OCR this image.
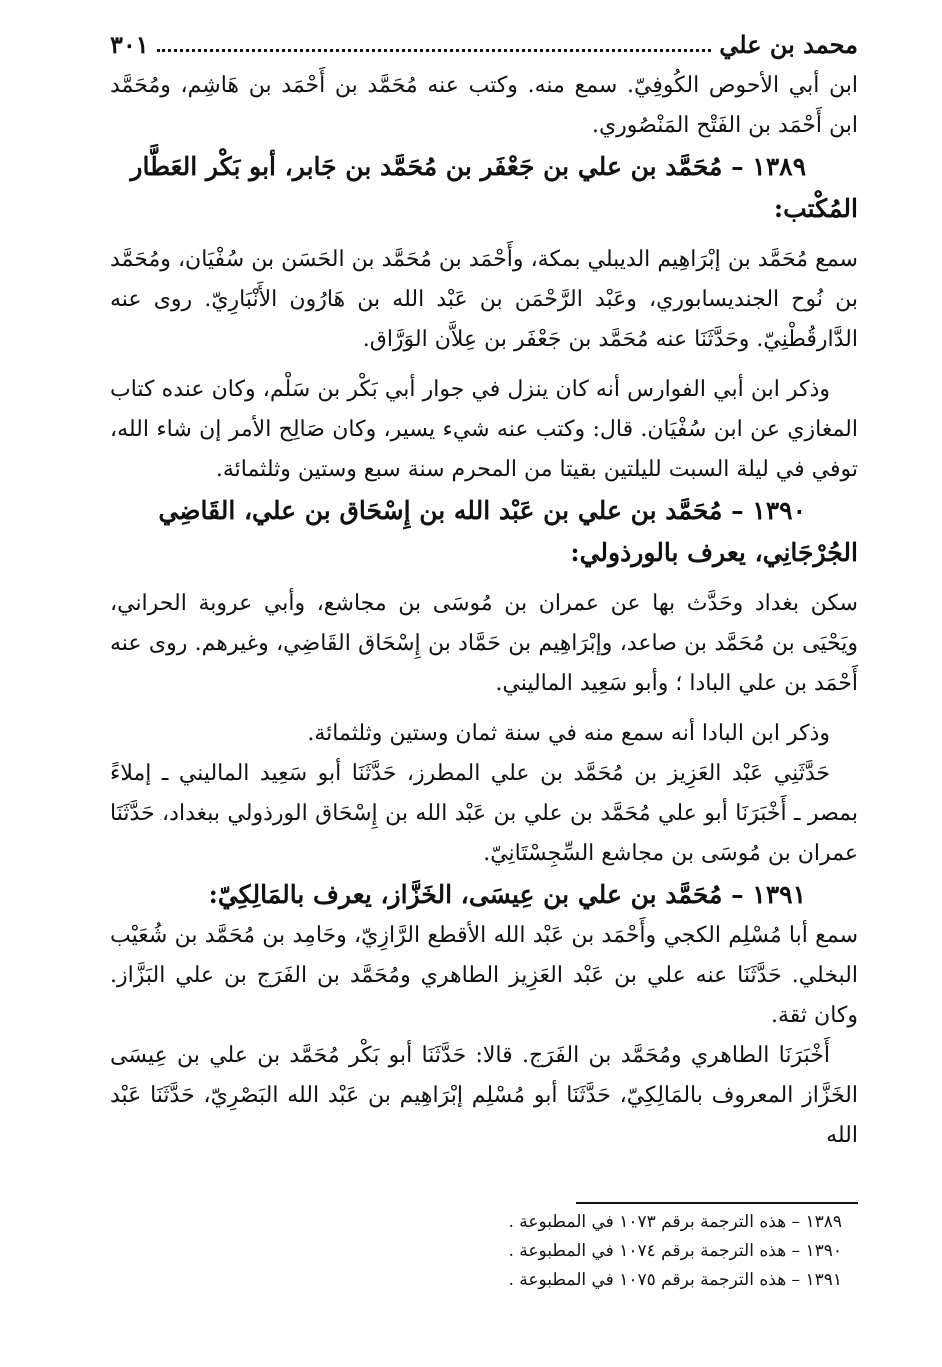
محمد بن علي
٣٠١

ابن أبي الأحوص الكُوفِيّ. سمع منه. وكتب عنه مُحَمَّد بن أَحْمَد بن هَاشِم، ومُحَمَّد ابن أَحْمَد بن الفَتْح المَنْصُوري.

١٣٨٩ – مُحَمَّد بن علي بن جَعْفَر بن مُحَمَّد بن جَابر، أبو بَكْر العَطَّار المُكْتب:

سمع مُحَمَّد بن إبْرَاهِيم الديبلي بمكة، وأَحْمَد بن مُحَمَّد بن الحَسَن بن سُفْيَان، ومُحَمَّد بن نُوح الجنديسابوري، وعَبْد الرَّحْمَن بن عَبْد الله بن هَارُون الأَنْبَارِيّ. روى عنه الدَّارقُطْنِيّ. وحَدَّثَنَا عنه مُحَمَّد بن جَعْفَر بن عِلاَّن الوَرَّاق.

وذكر ابن أبي الفوارس أنه كان ينزل في جوار أبي بَكْر بن سَلْم، وكان عنده كتاب المغازي عن ابن سُفْيَان. قال: وكتب عنه شيء يسير، وكان صَالِح الأمر إن شاء الله، توفي في ليلة السبت لليلتين بقيتا من المحرم سنة سبع وستين وثلثمائة.

١٣٩٠ – مُحَمَّد بن علي بن عَبْد الله بن إِسْحَاق بن علي، القَاضِي الجُرْجَانِي، يعرف بالورذولي:

سكن بغداد وحَدَّث بها عن عمران بن مُوسَى بن مجاشع، وأبي عروبة الحراني، ويَحْيَى بن مُحَمَّد بن صاعد، وإبْرَاهِيم بن حَمَّاد بن إِسْحَاق القَاضِي، وغيرهم. روى عنه أَحْمَد بن علي البادا ؛ وأبو سَعِيد الماليني.

وذكر ابن البادا أنه سمع منه في سنة ثمان وستين وثلثمائة.

حَدَّثَنِي عَبْد العَزِيز بن مُحَمَّد بن علي المطرز، حَدَّثَنَا أبو سَعِيد الماليني ـ إملاءً بمصر ـ أَخْبَرَنَا أبو علي مُحَمَّد بن علي بن عَبْد الله بن إِسْحَاق الورذولي ببغداد، حَدَّثَنَا عمران بن مُوسَى بن مجاشع السِّجِسْتَانِيّ.

١٣٩١ – مُحَمَّد بن علي بن عِيسَى، الخَزَّاز، يعرف بالمَالِكِيّ:

سمع أبا مُسْلِم الكجي وأَحْمَد بن عَبْد الله الأقطع الرَّازِيّ، وحَامِد بن مُحَمَّد بن شُعَيْب البخلي. حَدَّثَنَا عنه علي بن عَبْد العَزِيز الطاهري ومُحَمَّد بن الفَرَج بن علي البَزَّاز. وكان ثقة.

أَخْبَرَنَا الطاهري ومُحَمَّد بن الفَرَج. قالا: حَدَّثَنَا أبو بَكْر مُحَمَّد بن علي بن عِيسَى الخَزَّاز المعروف بالمَالِكِيّ، حَدَّثَنَا أبو مُسْلِم إبْرَاهِيم بن عَبْد الله البَصْرِيّ، حَدَّثَنَا عَبْد الله

١٣٨٩ – هذه الترجمة برقم ١٠٧٣ في المطبوعة .

١٣٩٠ – هذه الترجمة برقم ١٠٧٤ في المطبوعة .

١٣٩١ – هذه الترجمة برقم ١٠٧٥ في المطبوعة .
